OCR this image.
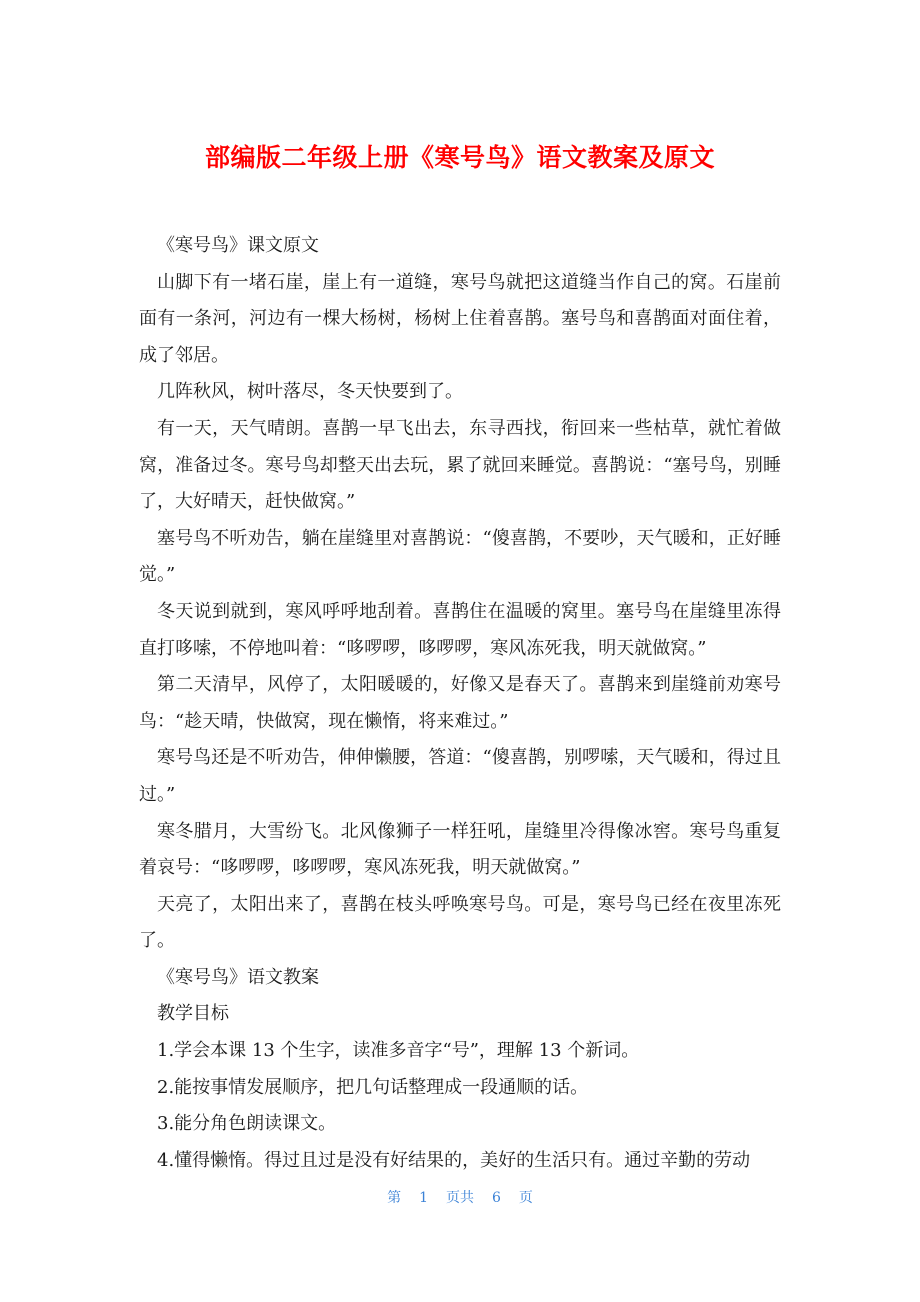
部编版二年级上册《寒号鸟》语文教案及原文

《寒号鸟》课文原文

山脚下有一堵石崖，崖上有一道缝，寒号鸟就把这道缝当作自己的窝。石崖前面有一条河，河边有一棵大杨树，杨树上住着喜鹊。塞号鸟和喜鹊面对面住着，成了邻居。

几阵秋风，树叶落尽，冬天快要到了。

有一天，天气晴朗。喜鹊一早飞出去，东寻西找，衔回来一些枯草，就忙着做窝，准备过冬。寒号鸟却整天出去玩，累了就回来睡觉。喜鹊说：“塞号鸟，别睡了，大好晴天，赶快做窝。”

塞号鸟不听劝告，躺在崖缝里对喜鹊说：“傻喜鹊，不要吵，天气暖和，正好睡觉。”

冬天说到就到，寒风呼呼地刮着。喜鹊住在温暖的窝里。塞号鸟在崖缝里冻得直打哆嗦，不停地叫着：“哆啰啰，哆啰啰，寒风冻死我，明天就做窝。”

第二天清早，风停了，太阳暖暖的，好像又是春天了。喜鹊来到崖缝前劝寒号鸟：“趁天晴，快做窝，现在懒惰，将来难过。”

寒号鸟还是不听劝告，伸伸懒腰，答道：“傻喜鹊，别啰嗦，天气暖和，得过且过。”

寒冬腊月，大雪纷飞。北风像狮子一样狂吼，崖缝里冷得像冰窖。寒号鸟重复着哀号：“哆啰啰，哆啰啰，寒风冻死我，明天就做窝。”

天亮了，太阳出来了，喜鹊在枝头呼唤寒号鸟。可是，寒号鸟已经在夜里冻死了。

《寒号鸟》语文教案

教学目标

1.学会本课 13 个生字，读准多音字“号”，理解 13 个新词。

2.能按事情发展顺序，把几句话整理成一段通顺的话。

3.能分角色朗读课文。

4.懂得懒惰。得过且过是没有好结果的，美好的生活只有。通过辛勤的劳动

第 1 页共 6 页
